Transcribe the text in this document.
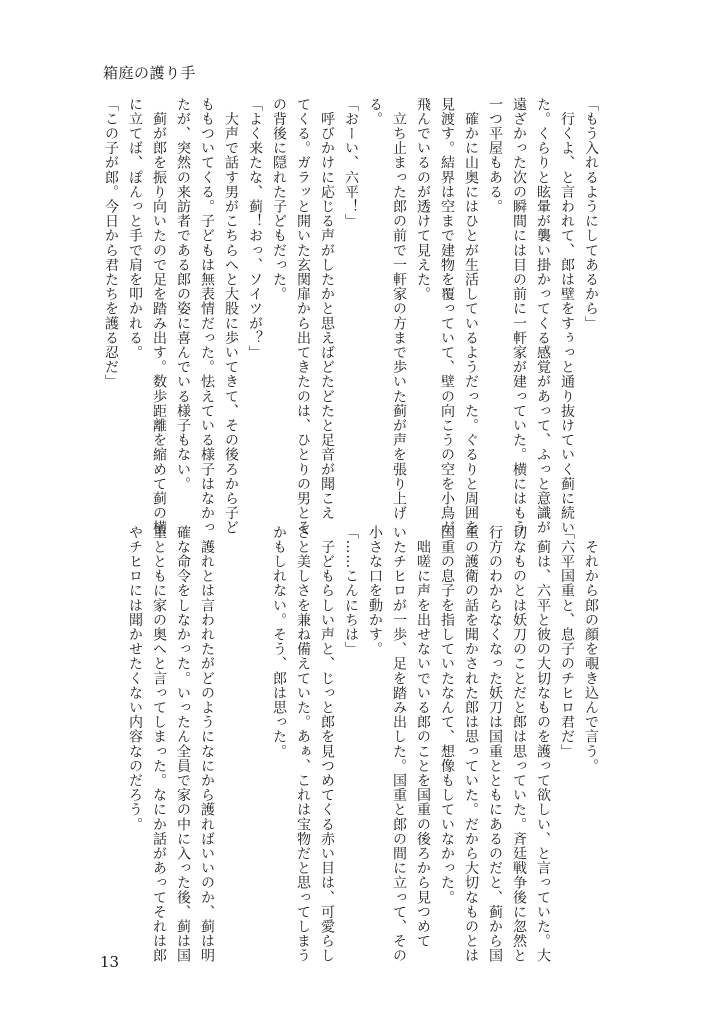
箱庭の護り手
「もう入れるようにしてあるから」
　行くよ、と言われて、郎は壁をすぅっと通り抜けていく蓟に続い
た。くらりと眩暈が襲い掛かってくる感覚があって、ふっと意識が
遠ざかった次の瞬間には目の前に一軒家が建っていた。横にはもう
一つ平屋もある。
　確かに山奥にはひとが生活しているようだった。ぐるりと周囲を
見渡す。結界は空まで建物を覆っていて、壁の向こうの空を小鳥が
飛んでいるのが透けて見えた。
　立ち止まった郎の前で一軒家の方まで歩いた蓟が声を張り上げ
る。
「おーい、六平！」
　呼びかけに応じる声がしたかと思えばどたどたと足音が聞こえ
てくる。ガラッと開いた玄関扉から出てきたのは、ひとりの男とそ
の背後に隠れた子どもだった。
「よく来たな、蓟！おっ、ソイツが？」
　大声で話す男がこちらへと大股に歩いてきて、その後ろから子ど
ももついてくる。子どもは無表情だった。怯えている様子はなかっ
たが、突然の来訪者である郎の姿に喜んでいる様子もない。
　蓟が郎を振り向いたので足を踏み出す。数歩距離を縮めて蓟の横
に立てば、ぽんっと手で肩を叩かれる。
「この子が郎。今日から君たちを護る忍だ」
　それから郎の顔を覗き込んで言う。
「六平国重と、息子のチヒロ君だ」
　蓟は、六平と彼の大切なものを護って欲しい、と言っていた。大
切なものとは妖刀のことだと郎は思っていた。斉廷戦争後に忽然と
行方のわからなくなった妖刀は国重とともにあるのだと、蓟から国
重の護衛の話を聞かされた郎は思っていた。だから大切なものとは
国重の息子を指していたなんて、想像もしていなかった。
　咄嗟に声を出せないでいる郎のことを国重の後ろから見つめて
いたチヒロが一歩、足を踏み出した。国重と郎の間に立って、その
小さな口を動かす。
「……こんにちは」
　子どもらしい声と、じっと郎を見つめてくる赤い目は、可愛らし
さと美しさを兼ね備えていた。あぁ、これは宝物だと思ってしまう
かもしれない。そう、郎は思った。
　護れとは言われたがどのようになにから護ればいいのか、蓟は明
確な命令をしなかった。いったん全員で家の中に入った後、蓟は国
重とともに家の奥へと言ってしまった。なにか話があってそれは郎
やチヒロには聞かせたくない内容なのだろう。
13
